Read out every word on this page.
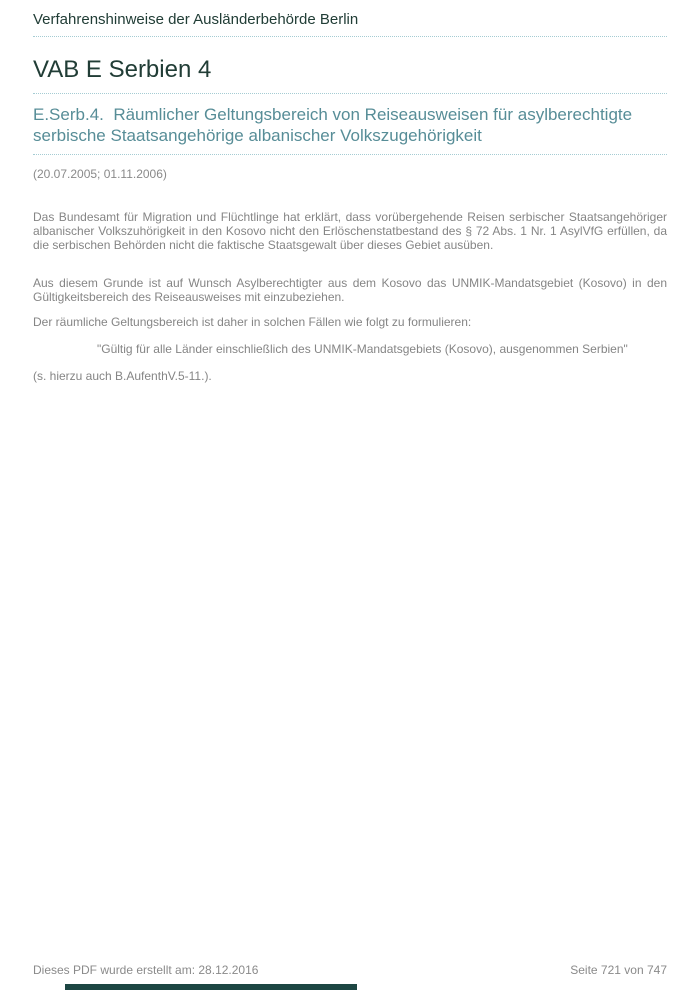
Verfahrenshinweise der Ausländerbehörde Berlin
VAB E Serbien 4
E.Serb.4.  Räumlicher Geltungsbereich von Reiseausweisen für asylberechtigte serbische Staatsangehörige albanischer Volkszugehörigkeit
(20.07.2005; 01.11.2006)

Das Bundesamt für Migration und Flüchtlinge hat erklärt, dass vorübergehende Reisen serbischer Staatsangehöriger albanischer Volkszuhörigkeit in den Kosovo nicht den Erlöschenstatbestand des § 72 Abs. 1 Nr. 1 AsylVfG erfüllen, da die serbischen Behörden nicht die faktische Staatsgewalt über dieses Gebiet ausüben.

Aus diesem Grunde ist auf Wunsch Asylberechtigter aus dem Kosovo das UNMIK-Mandatsgebiet (Kosovo) in den Gültigkeitsbereich des Reiseausweises mit einzubeziehen.

Der räumliche Geltungsbereich ist daher in solchen Fällen wie folgt zu formulieren:

"Gültig für alle Länder einschließlich des UNMIK-Mandatsgebiets (Kosovo), ausgenommen Serbien"

(s. hierzu auch B.AufenthV.5-11.).

Dieses PDF wurde erstellt am: 28.12.2016	Seite 721 von 747
